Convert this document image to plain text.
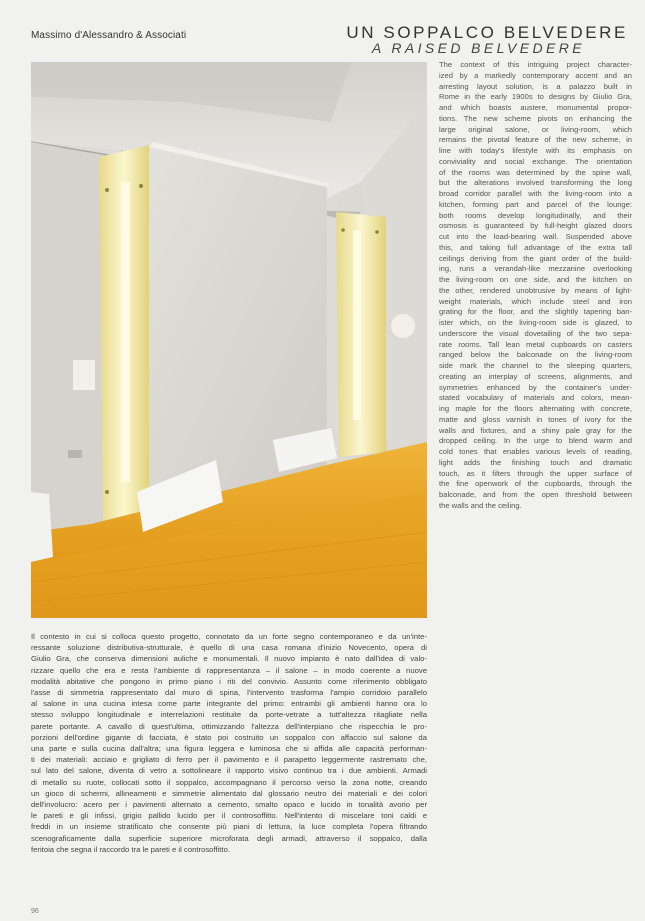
Massimo d'Alessandro & Associati	UN SOPPALCO BELVEDERE
A RAISED BELVEDERE
The context of this intriguing project character-
ized by a markedly contemporary accent and an
arresting layout solution, is a palazzo built in
Rome in the early 1900s to designs by Giulio Gra,
and which boasts austere, monumental propor-
tions. The new scheme pivots on enhancing the
large original salone, or living-room, which
remains the pivotal feature of the new scheme, in
line with today's lifestyle with its emphasis on
conviviality and social exchange. The orientation
of the rooms was determined by the spine wall,
but the alterations involved transforming the long
broad corridor parallel with the living-room into a
kitchen, forming part and parcel of the lounge:
both rooms develop longitudinally, and their
osmosis is guaranteed by full-height glazed doors
cut into the load-bearing wall. Suspended above
this, and taking full advantage of the extra tall
ceilings deriving from the giant order of the build-
ing, runs a verandah-like mezzanine overlooking
the living-room on one side, and the kitchen on
the other, rendered unobtrusive by means of light-
weight materials, which include steel and iron
grating for the floor, and the slightly tapering ban-
ister which, on the living-room side is glazed, to
underscore the visual dovetailing of the two sepa-
rate rooms. Tall lean metal cupboards on casters
ranged below the balconade on the living-room
side mark the channel to the sleeping quarters,
creating an interplay of screens, alignments, and
symmetries enhanced by the container's under-
stated vocabulary of materials and colors, mean-
ing maple for the floors alternating with concrete,
matte and gloss varnish in tones of ivory for the
walls and fixtures, and a shiny pale gray for the
dropped ceiling. In the urge to blend warm and
cold tones that enables various levels of reading,
light adds the finishing touch and dramatic
touch, as it filters through the upper surface of
the fine openwork of the cupboards, through the
balconade, and from the open threshold between
the walls and the ceiling.
Il contesto in cui si colloca questo progetto, connotato da un forte segno contemporaneo e da un'inte-
ressante soluzione distributiva-strutturale, è quello di una casa romana d'inizio Novecento, opera di
Giulio Gra, che conserva dimensioni auliche e monumentali. Il nuovo impianto è nato dall'idea di valo-
rizzare quello che era e resta l'ambiente di rappresentanza – il salone – in modo coerente a nuove
modalità abitative che pongono in primo piano i riti del convivio. Assunto come riferimento obbligato
l'asse di simmetria rappresentato dal muro di spina, l'intervento trasforma l'ampio corridoio parallelo
al salone in una cucina intesa come parte integrante del primo: entrambi gli ambienti hanno ora lo
stesso sviluppo longitudinale e interrelazioni restituite da porte-vetrate a tutt'altezza ritagliate nella
parete portante. A cavallo di quest'ultima, ottimizzando l'altezza dell'interpiano che rispecchia le pro-
porzioni dell'ordine gigante di facciata, è stato poi costruito un soppalco con affaccio sul salone da
una parte e sulla cucina dall'altra; una figura leggera e luminosa che si affida alle capacità performan-
ti dei materiali: acciaio e grigliato di ferro per il pavimento e il parapetto leggermente rastremato che,
sul lato del salone, diventa di vetro a sottolineare il rapporto visivo continuo tra i due ambienti. Armadi
di metallo su ruote, collocati sotto il soppalco, accompagnano il percorso verso la zona notte, creando
un gioco di schermi, allineamenti e simmetrie alimentato dal glossario neutro dei materiali e dei colori
dell'involucro: acero per i pavimenti alternato a cemento, smalto opaco e lucido in tonalità avorio per
le pareti e gli infissi, grigio pallido lucido per il controsoffitto. Nell'intento di miscelare toni caldi e
freddi in un insieme stratificato che consente più piani di lettura, la luce completa l'opera filtrando
scenograficamente dalla superficie superiore microforata degli armadi, attraverso il soppalco, dalla
feritoia che segna il raccordo tra le pareti e il controsoffitto.
96
